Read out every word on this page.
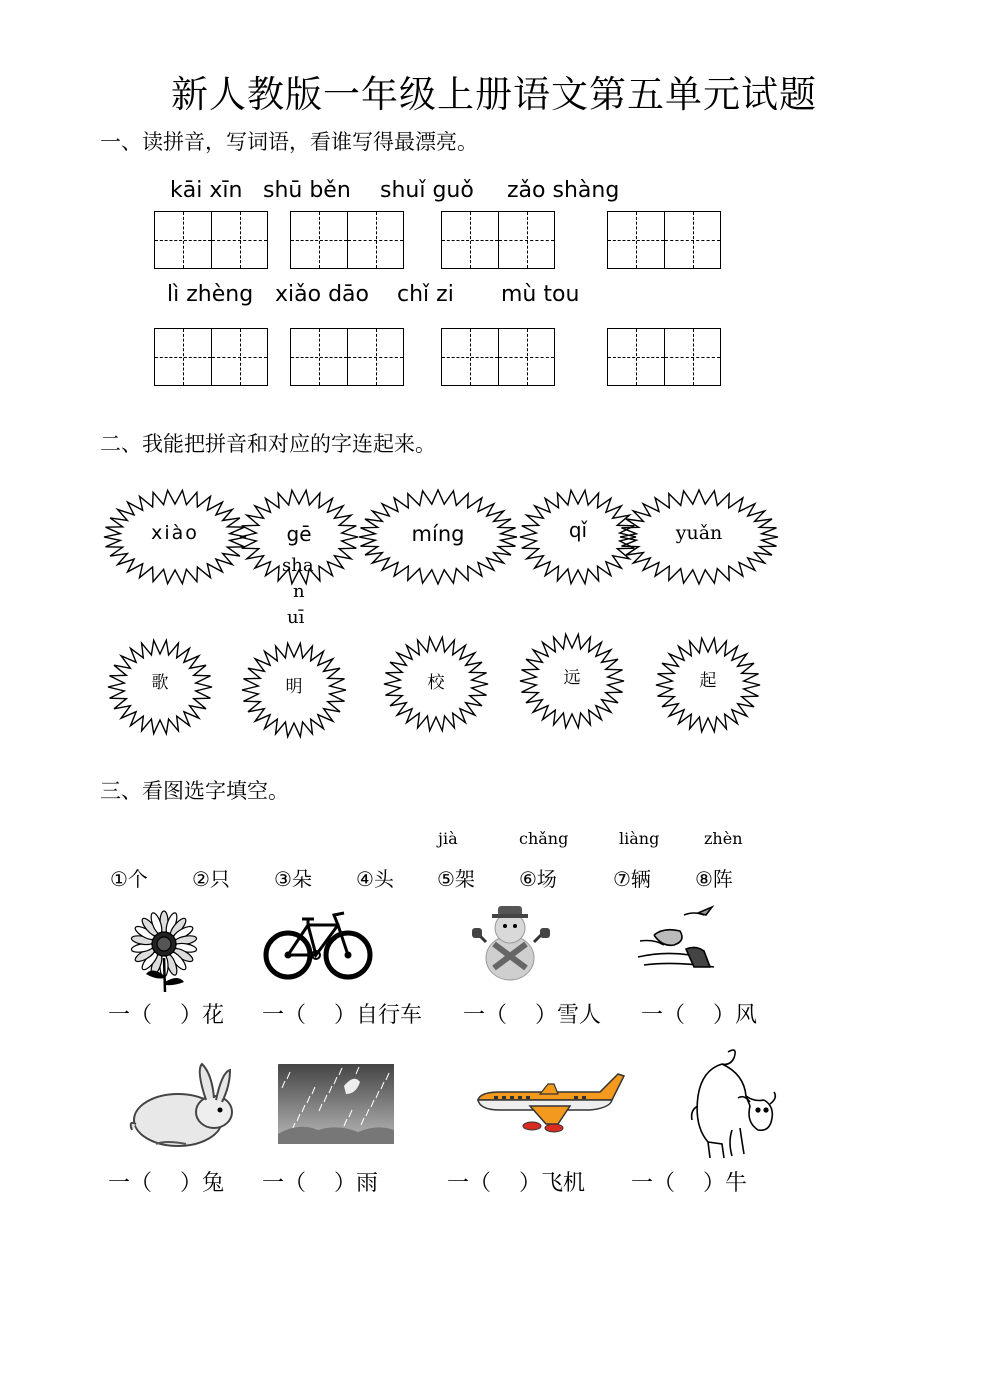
新人教版一年级上册语文第五单元试题
一、读拼音，写词语，看谁写得最漂亮。
kāi xīn shū běn shuǐ guǒ zǎo shàng
lì zhèng xiǎo dāo chǐ zi mù tou
二、我能把拼音和对应的字连起来。
xiào	gē	míng	qǐ	yuǎn
sha
n
uī
歌	明	校	远	起
三、看图选字填空。
jià	chǎng	liàng	zhèn
①个 ②只 ③朵 ④头 ⑤架 ⑥场	⑦辆 ⑧阵
一（    ）花 一（    ）自行车 一（    ）雪人 一（    ）风
一（    ）兔 一（    ）雨	一（    ）飞机 一（    ）牛
